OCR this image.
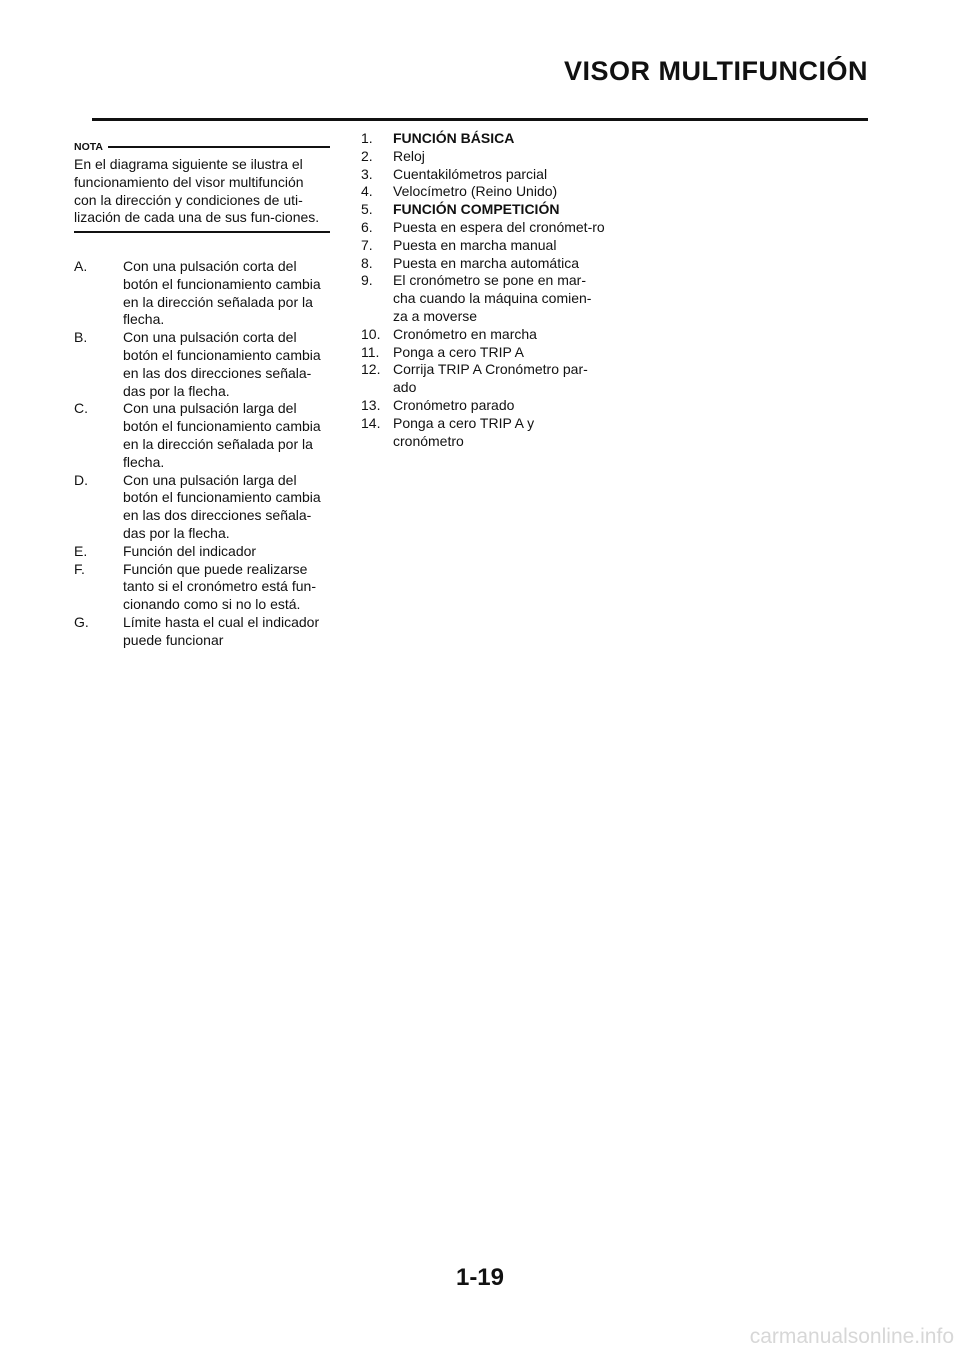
VISOR MULTIFUNCIÓN
NOTA
En el diagrama siguiente se ilustra el funcionamiento del visor multifunción con la dirección y condiciones de uti-lización de cada una de sus fun-ciones.
A.	Con una pulsación corta del botón el funcionamiento cambia en la dirección señalada por la flecha.
B.	Con una pulsación corta del botón el funcionamiento cambia en las dos direcciones señala-das por la flecha.
C.	Con una pulsación larga del botón el funcionamiento cambia en la dirección señalada por la flecha.
D.	Con una pulsación larga del botón el funcionamiento cambia en las dos direcciones señala-das por la flecha.
E.	Función del indicador
F.	Función que puede realizarse tanto si el cronómetro está fun-cionando como si no lo está.
G. Límite hasta el cual el indicador puede funcionar
1. FUNCIÓN BÁSICA
2. Reloj
3. Cuentakilómetros parcial
4. Velocímetro (Reino Unido)
5. FUNCIÓN COMPETICIÓN
6. Puesta en espera del cronómet-ro
7. Puesta en marcha manual
8. Puesta en marcha automática
9. El cronómetro se pone en mar-cha cuando la máquina comien-za a moverse
10. Cronómetro en marcha
11. Ponga a cero TRIP A
12. Corrija TRIP A Cronómetro par-ado
13. Cronómetro parado
14. Ponga a cero TRIP A y cronómetro
1-19
carmanualsonline.info
